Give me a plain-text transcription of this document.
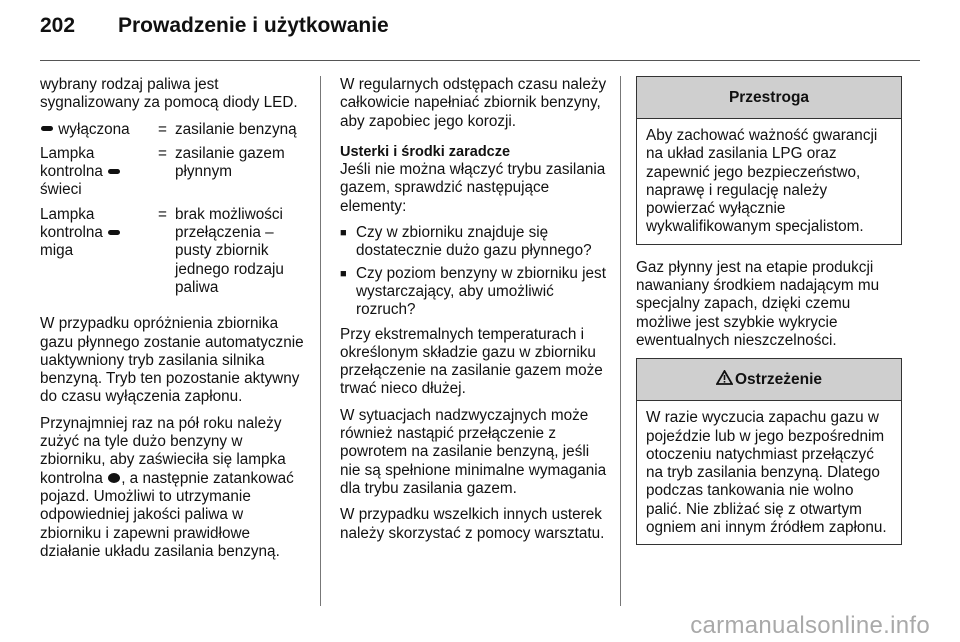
202 Prowadzenie i użytkowanie

wybrany rodzaj paliwa jest sygnalizowany za pomocą diody LED.

wyłączona	=	zasilanie benzyną
Lampka kontrolna
świeci	=	zasilanie gazem płynnym
Lampka kontrolna
miga	=	brak możliwości przełączenia – pusty zbiornik jednego rodzaju paliwa

W przypadku opróżnienia zbiornika gazu płynnego zostanie automatycznie uaktywniony tryb zasilania silnika benzyną. Tryb ten pozostanie aktywny do czasu wyłączenia zapłonu.

Przynajmniej raz na pół roku należy zużyć na tyle dużo benzyny w zbiorniku, aby zaświeciła się lampka kontrolna , a następnie zatankować pojazd. Umożliwi to utrzymanie odpowiedniej jakości paliwa w zbiorniku i zapewni prawidłowe działanie układu zasilania benzyną.

W regularnych odstępach czasu należy całkowicie napełniać zbiornik benzyny, aby zapobiec jego korozji.

Usterki i środki zaradcze

Jeśli nie można włączyć trybu zasilania gazem, sprawdzić następujące elementy:

■ Czy w zbiorniku znajduje się dostatecznie dużo gazu płynnego?
■ Czy poziom benzyny w zbiorniku jest wystarczający, aby umożliwić rozruch?

Przy ekstremalnych temperaturach i określonym składzie gazu w zbiorniku przełączenie na zasilanie gazem może trwać nieco dłużej.

W sytuacjach nadzwyczajnych może również nastąpić przełączenie z powrotem na zasilanie benzyną, jeśli nie są spełnione minimalne wymagania dla trybu zasilania gazem.

W przypadku wszelkich innych usterek należy skorzystać z pomocy warsztatu.

Przestroga
Aby zachować ważność gwarancji na układ zasilania LPG oraz zapewnić jego bezpieczeństwo, naprawę i regulację należy powierzać wyłącznie wykwalifikowanym specjalistom.

Gaz płynny jest na etapie produkcji nawaniany środkiem nadającym mu specjalny zapach, dzięki czemu możliwe jest szybkie wykrycie ewentualnych nieszczelności.

Ostrzeżenie
W razie wyczucia zapachu gazu w pojeździe lub w jego bezpośrednim otoczeniu natychmiast przełączyć na tryb zasilania benzyną. Dlatego podczas tankowania nie wolno palić. Nie zbliżać się z otwartym ogniem ani innym źródłem zapłonu.
carmanualsonline.info
